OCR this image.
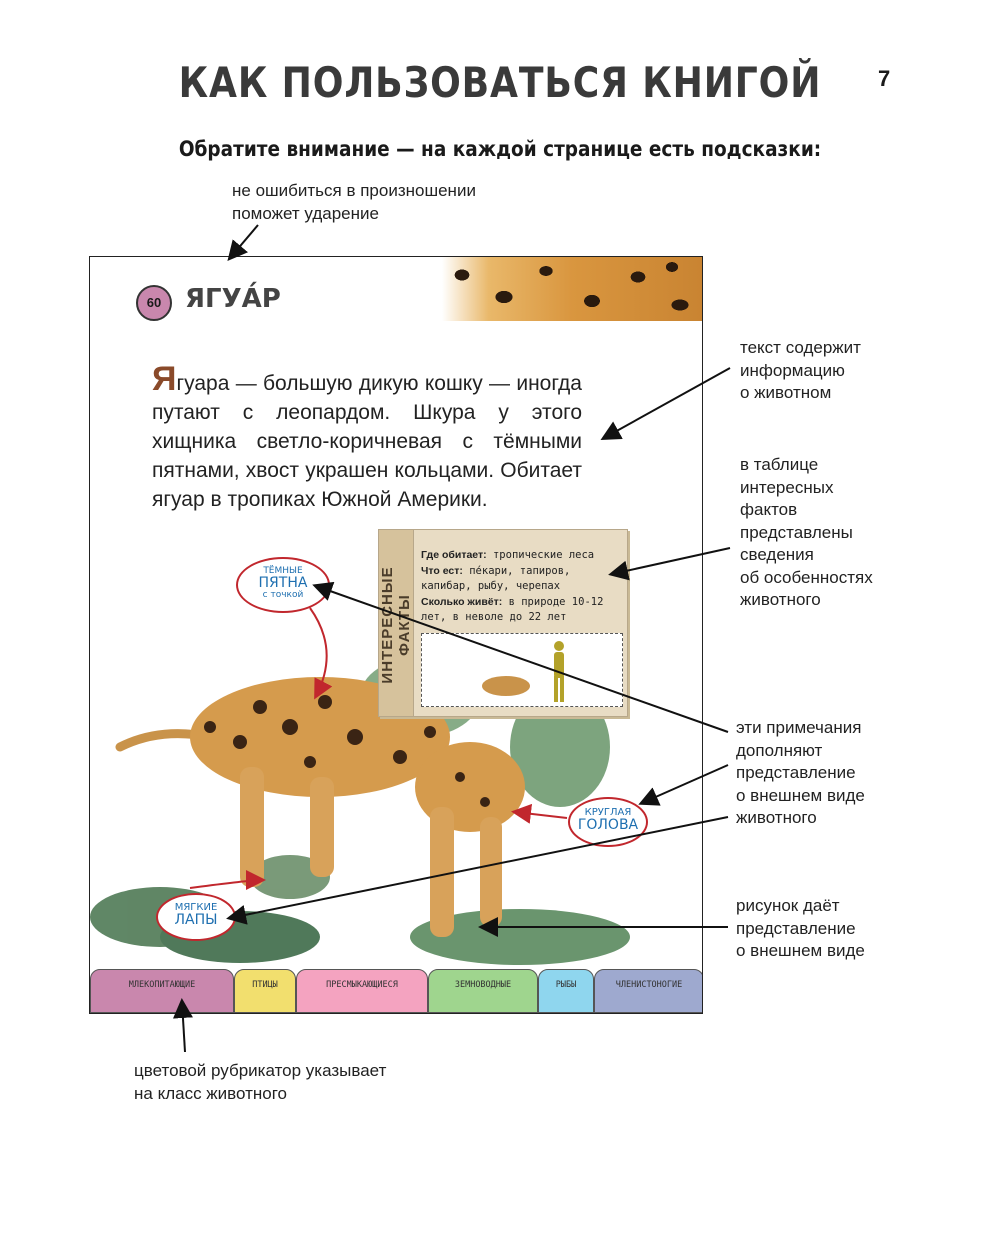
КАК ПОЛЬЗОВАТЬСЯ КНИГОЙ	7
Обратите внимание — на каждой странице есть подсказки:
не ошибиться в произношении
поможет ударение
текст содержит
информацию
о животном
в таблице
интересных
фактов
представлены
сведения
об особенностях
животного
эти примечания
дополняют
представление
о внешнем виде
животного
рисунок даёт
представление
о внешнем виде
цветовой рубрикатор указывает
на класс животного
60 ЯГУА́Р
Ягуара — большую дикую кошку — иногда путают с леопардом. Шкура у этого хищника светло-коричневая с тёмными пятнами, хвост украшен кольцами. Обитает ягуар в тропиках Южной Америки.
ИНТЕРЕСНЫЕ ФАКТЫ
Где обитает: тропические леса
Что ест: пе́кари, тапиров, капибар, рыбу, черепах
Сколько живёт: в природе 10-12 лет, в неволе до 22 лет
ТЁМНЫЕ
ПЯТНА
с точкой
КРУГЛАЯ
ГОЛОВА
МЯГКИЕ
ЛАПЫ
МЛЕКОПИТАЮЩИЕ	ПТИЦЫ	ПРЕСМЫКАЮЩИЕСЯ	ЗЕМНОВОДНЫЕ	РЫБЫ	ЧЛЕНИСТОНОГИЕ
